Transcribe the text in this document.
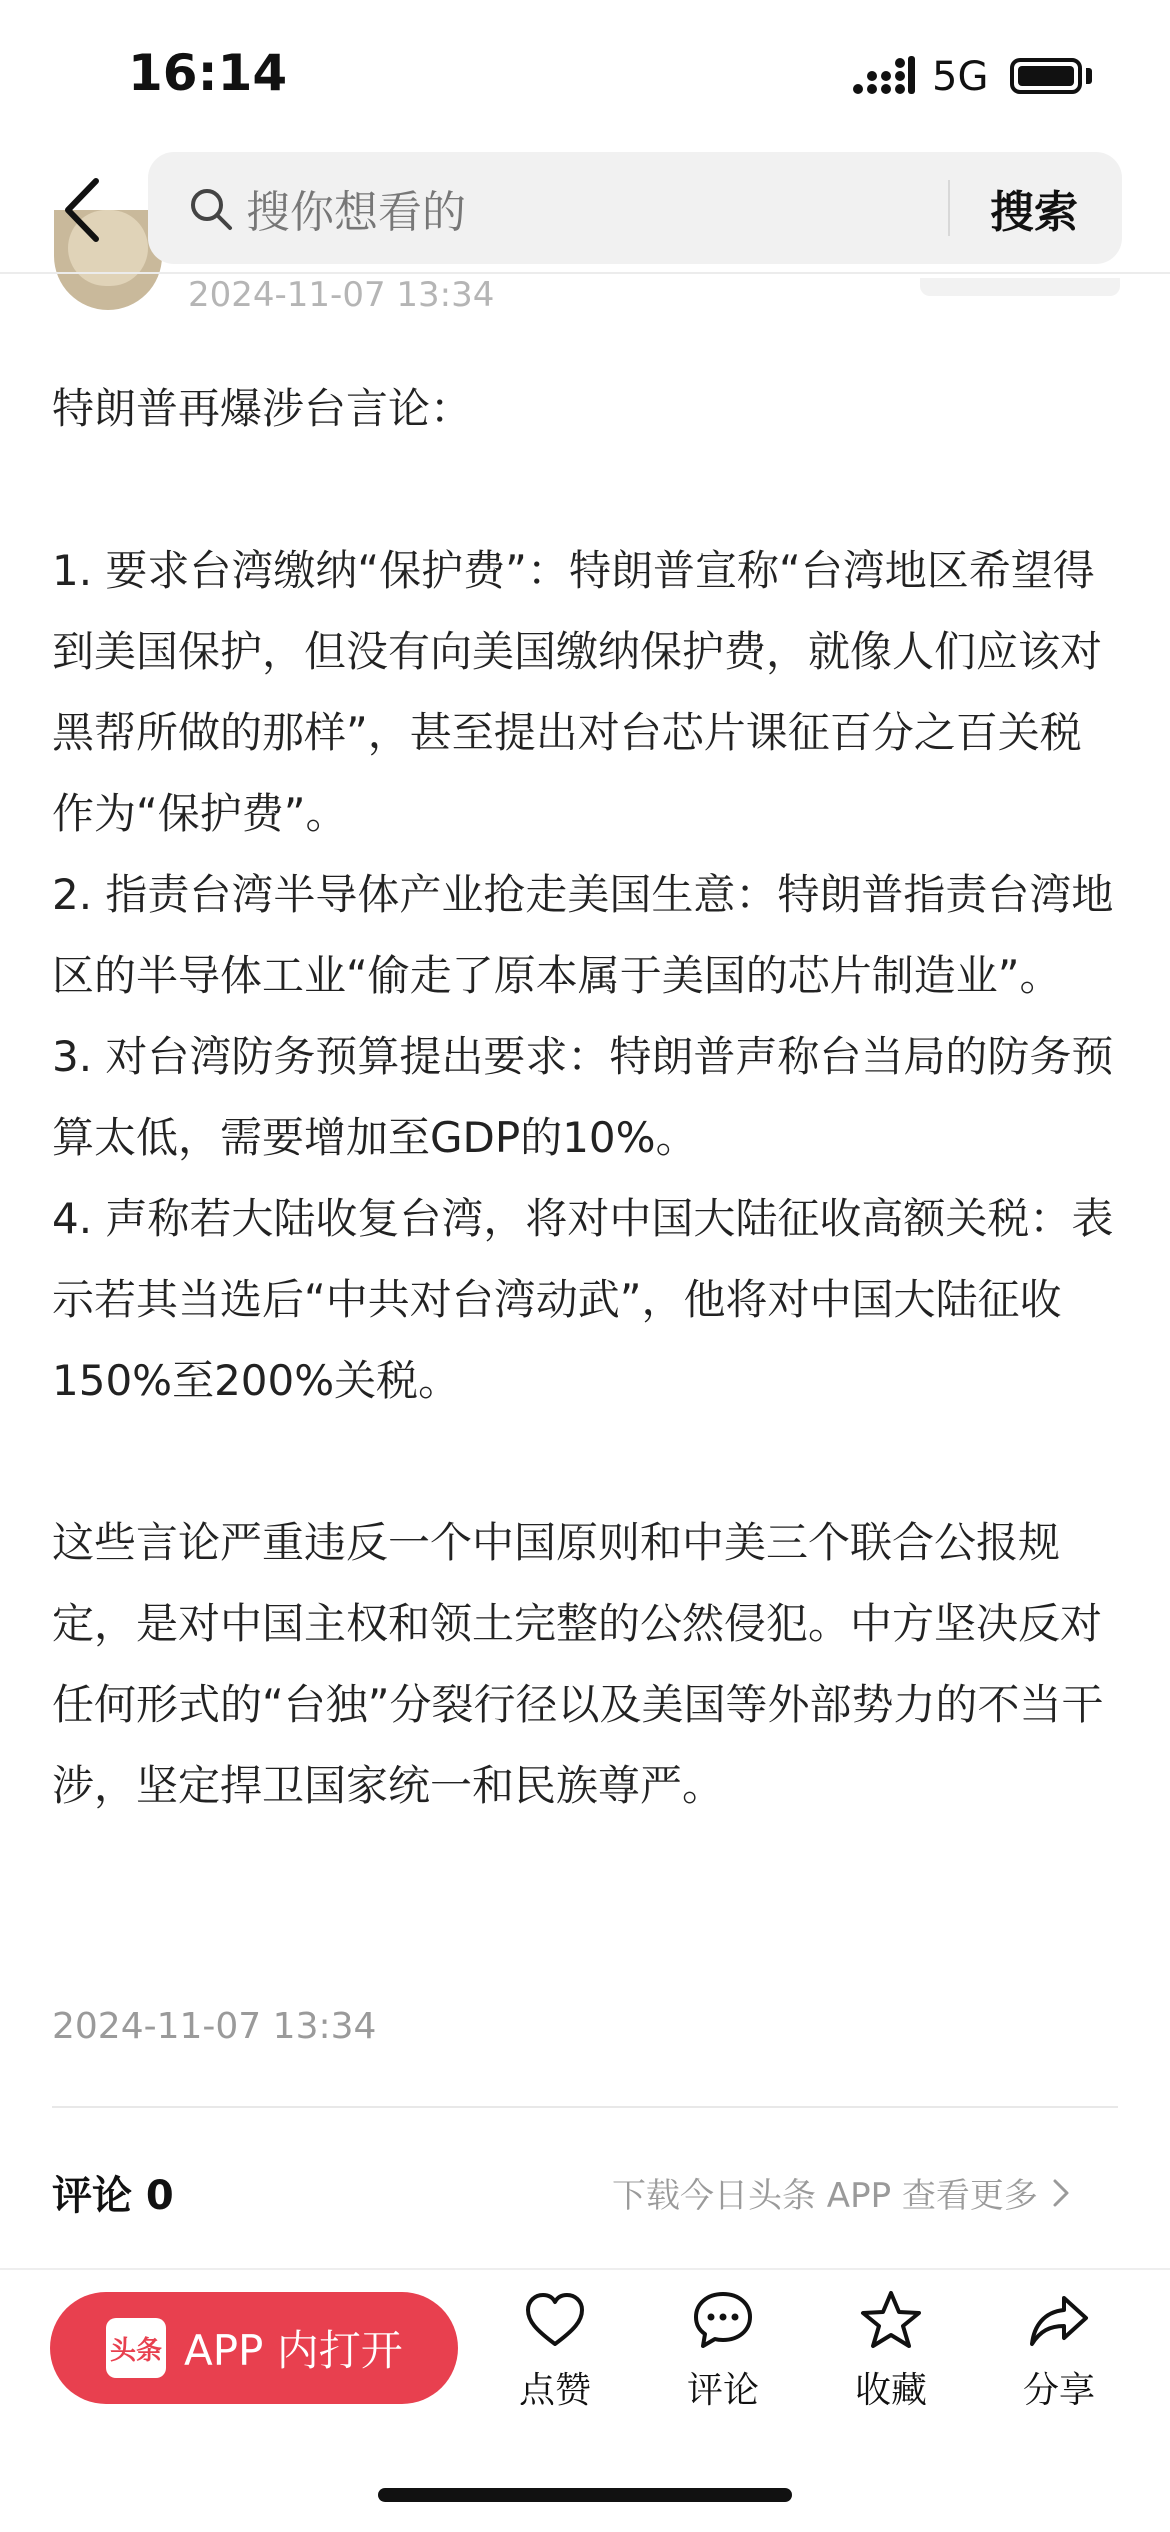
16:14	5G
2024-11-07 13:34
搜你想看的	搜索

特朗普再爆涉台言论：

1. 要求台湾缴纳“保护费”：特朗普宣称“台湾地区希望得到美国保护，但没有向美国缴纳保护费，就像人们应该对黑帮所做的那样”，甚至提出对台芯片课征百分之百关税作为“保护费”。

2. 指责台湾半导体产业抢走美国生意：特朗普指责台湾地区的半导体工业“偷走了原本属于美国的芯片制造业”。

3. 对台湾防务预算提出要求：特朗普声称台当局的防务预算太低，需要增加至GDP的10%。

4. 声称若大陆收复台湾，将对中国大陆征收高额关税：表示若其当选后“中共对台湾动武”，他将对中国大陆征收150%至200%关税。

这些言论严重违反一个中国原则和中美三个联合公报规定，是对中国主权和领土完整的公然侵犯。中方坚决反对任何形式的“台独”分裂行径以及美国等外部势力的不当干涉，坚定捍卫国家统一和民族尊严。

2024-11-07 13:34
评论 0	下载今日头条 APP 查看更多
头条 APP 内打开
点赞	评论	收藏	分享
